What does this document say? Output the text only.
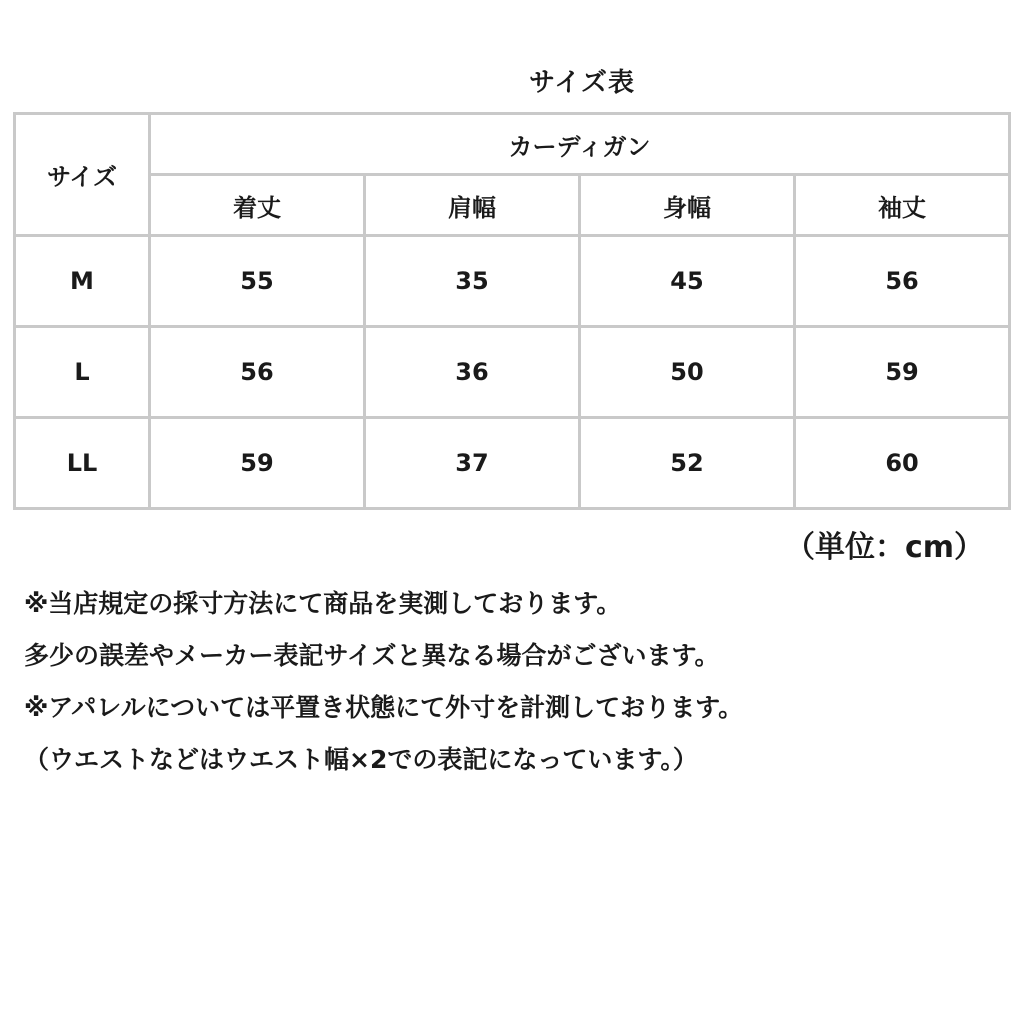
サイズ表
サイズ	カーディガン			
	着丈	肩幅	身幅	袖丈
M	55	35	45	56
L	56	36	50	59
LL	59	37	52	60
（単位：cm）
※当店規定の採寸方法にて商品を実測しております。
多少の誤差やメーカー表記サイズと異なる場合がございます。
※アパレルについては平置き状態にて外寸を計測しております。
（ウエストなどはウエスト幅×2での表記になっています。）
